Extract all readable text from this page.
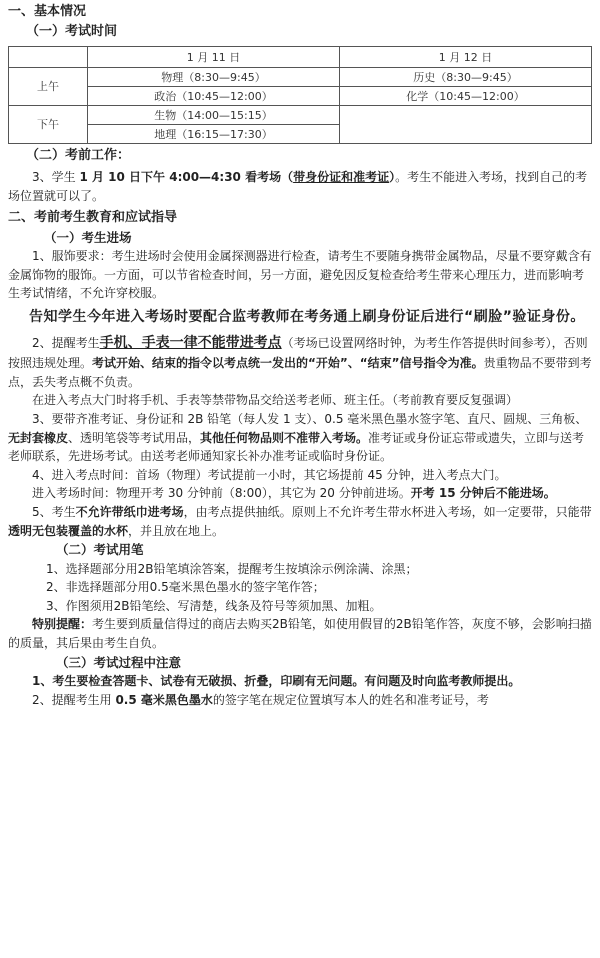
一、基本情况

（一）考试时间

	1 月 11 日	1 月 12 日
上午	物理（8:30—9:45）	历史（8:30—9:45）
	政治（10:45—12:00）	化学（10:45—12:00）
下午	生物（14:00—15:15）	
	地理（16:15—17:30）	

（二）考前工作：

3、学生 1 月 10 日下午 4:00—4:30 看考场（带身份证和准考证）。考生不能进入考场，找到自己的考场位置就可以了。

二、考前考生教育和应试指导

（一）考生进场

1、服饰要求：考生进场时会使用金属探测器进行检查，请考生不要随身携带金属物品，尽量不要穿戴含有金属饰物的服饰。一方面，可以节省检查时间，另一方面，避免因反复检查给考生带来心理压力，进而影响考生考试情绪，不允许穿校服。

告知学生今年进入考场时要配合监考教师在考务通上刷身份证后进行“刷脸”验证身份。

2、提醒考生手机、手表一律不能带进考点（考场已设置网络时钟，为考生作答提供时间参考），否则按照违规处理。考试开始、结束的指令以考点统一发出的“开始”、“结束”信号指令为准。贵重物品不要带到考点，丢失考点概不负责。

在进入考点大门时将手机、手表等禁带物品交给送考老师、班主任。（考前教育要反复强调）

3、要带齐准考证、身份证和 2B 铅笔（每人发 1 支）、0.5 毫米黑色墨水签字笔、直尺、圆规、三角板、无封套橡皮、透明笔袋等考试用品，其他任何物品则不准带入考场。准考证或身份证忘带或遗失，立即与送考老师联系，先进场考试。由送考老师通知家长补办准考证或临时身份证。

4、进入考点时间：首场（物理）考试提前一小时，其它场提前 45 分钟，进入考点大门。

进入考场时间：物理开考 30 分钟前（8:00），其它为 20 分钟前进场。开考 15 分钟后不能进场。

5、考生不允许带纸巾进考场，由考点提供抽纸。原则上不允许考生带水杯进入考场，如一定要带，只能带透明无包装覆盖的水杯，并且放在地上。

（二）考试用笔

1、选择题部分用2B铅笔填涂答案，提醒考生按填涂示例涂满、涂黑；

2、非选择题部分用0.5毫米黑色墨水的签字笔作答；

3、作图须用2B铅笔绘、写清楚，线条及符号等须加黑、加粗。

特别提醒：考生要到质量信得过的商店去购买2B铅笔，如使用假冒的2B铅笔作答，灰度不够，会影响扫描的质量，其后果由考生自负。

（三）考试过程中注意

1、考生要检查答题卡、试卷有无破损、折叠，印刷有无问题。有问题及时向监考教师提出。

2、提醒考生用 0.5 毫米黑色墨水的签字笔在规定位置填写本人的姓名和准考证号，考
